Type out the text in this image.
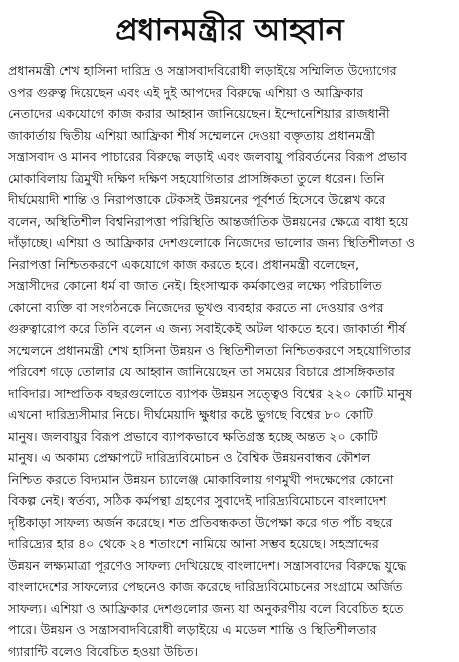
প্রধানমন্ত্রীর আহ্বান
প্রধানমন্ত্রী শেখ হাসিনা দারিদ্র ও সন্ত্রাসবাদবিরোধী লড়াইয়ে সম্মিলিত উদ্যোগের
ওপর গুরুত্ব দিয়েছেন এবং এই দুই আপদের বিরুদ্ধে এশিয়া ও আফ্রিকার
নেতাদের একযোগে কাজ করার আহ্বান জানিয়েছেন। ইন্দোনেশিয়ার রাজধানী
জাকার্তায় দ্বিতীয় এশিয়া আফ্রিকা শীর্ষ সম্মেলনে দেওয়া বক্তৃতায় প্রধানমন্ত্রী
সন্ত্রাসবাদ ও মানব পাচারের বিরুদ্ধে লড়াই এবং জলবায়ু পরিবর্তনের বিরূপ প্রভাব
মোকাবিলায় ত্রিমুখী দক্ষিণ দক্ষিণ সহযোগিতার প্রাসঙ্গিকতা তুলে ধরেন। তিনি
দীর্ঘমেয়াদী শান্তি ও নিরাপত্তাকে টেকসই উন্নয়নের পূর্বশর্ত হিসেবে উল্লেখ করে
বলেন, অস্থিতিশীল বিশ্বনিরাপত্তা পরিস্থিতি আন্তর্জাতিক উন্নয়নের ক্ষেত্রে বাধা হয়ে
দাঁড়াচ্ছে। এশিয়া ও আফ্রিকার দেশগুলোকে নিজেদের ভালোর জন্য স্থিতিশীলতা ও
নিরাপত্তা নিশ্চিতকরণে একযোগে কাজ করতে হবে। প্রধানমন্ত্রী বলেছেন,
সন্ত্রাসীদের কোনো ধর্ম বা জাত নেই। হিংসাত্মক কর্মকাণ্ডের লক্ষ্যে পরিচালিত
কোনো ব্যক্তি বা সংগঠনকে নিজেদের ভূখণ্ড ব্যবহার করতে না দেওয়ার ওপর
গুরুত্বারোপ করে তিনি বলেন এ জন্য সবাইকেই অটল থাকতে হবে। জাকার্তা শীর্ষ
সম্মেলনে প্রধানমন্ত্রী শেখ হাসিনা উন্নয়ন ও স্থিতিশীলতা নিশ্চিতকরণে সহযোগিতার
পরিবেশ গড়ে তোলার যে আহ্বান জানিয়েছেন তা সময়ের বিচারে প্রাসঙ্গিকতার
দাবিদার। সাম্প্রতিক বছরগুলোতে ব্যাপক উন্নয়ন সত্ত্বেও বিশ্বের ২২০ কোটি মানুষ
এখনো দারিদ্র্যসীমার নিচে। দীর্ঘমেয়াদি ক্ষুধার কষ্টে ভুগছে বিশ্বের ৮০ কোটি
মানুষ। জলবায়ুর বিরূপ প্রভাবে ব্যাপকভাবে ক্ষতিগ্রস্ত হচ্ছে অন্তত ২০ কোটি
মানুষ। এ অকাম্য প্রেক্ষাপটে দারিদ্র্যবিমোচন ও বৈশ্বিক উন্নয়নবান্ধব কৌশল
নিশ্চিত করতে বিদ্যমান উন্নয়ন চ্যালেঞ্জ মোকাবিলায় গণমুখী পদক্ষেপের কোনো
বিকল্প নেই। স্বর্তব্য, সঠিক কর্মপন্থা গ্রহণের সুবাদেই দারিদ্র্যবিমোচনে বাংলাদেশ
দৃষ্টিকাড়া সাফল্য অর্জন করেছে। শত প্রতিবন্ধকতা উপেক্ষা করে গত পাঁচ বছরে
দারিদ্র্যের হার ৪০ থেকে ২৪ শতাংশে নামিয়ে আনা সম্ভব হয়েছে। সহস্রাব্দের
উন্নয়ন লক্ষ্যমাত্রা পূরণেও সাফল্য দেখিয়েছে বাংলাদেশ। সন্ত্রাসবাদের বিরুদ্ধে যুদ্ধে
বাংলাদেশের সাফল্যের পেছনেও কাজ করেছে দারিদ্র্যবিমোচনের সংগ্রামে অর্জিত
সাফল্য। এশিয়া ও আফ্রিকার দেশগুলোর জন্য যা অনুকরণীয় বলে বিবেচিত হতে
পারে। উন্নয়ন ও সন্ত্রাসবাদবিরোধী লড়াইয়ে এ মডেল শান্তি ও স্থিতিশীলতার
গ্যারান্টি বলেও বিবেচিত হওয়া উচিত।
